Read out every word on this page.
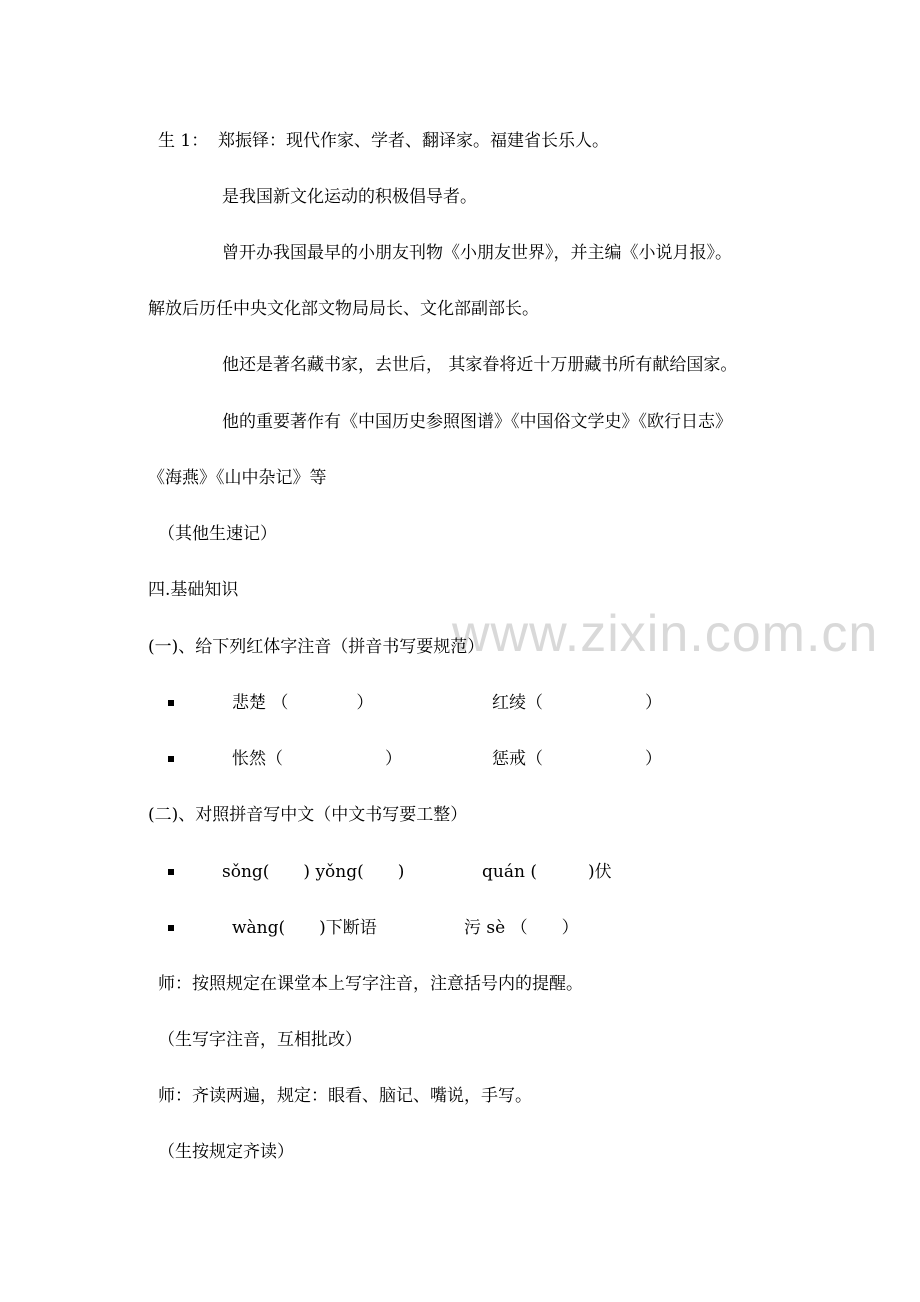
www.zixin.com.cn
生 1： 郑振铎：现代作家、学者、翻译家。福建省长乐人。
是我国新文化运动的积极倡导者。
曾开办我国最早的小朋友刊物《小朋友世界》，并主编《小说月报》。
解放后历任中央文化部文物局局长、文化部副部长。
他还是著名藏书家，去世后， 其家眷将近十万册藏书所有献给国家。
他的重要著作有《中国历史参照图谱》《中国俗文学史》《欧行日志》
《海燕》《山中杂记》等
（其他生速记）
四.基础知识
(一)、给下列红体字注音（拼音书写要规范）
悲楚 （　　　　）	红绫（　　　　　　）
怅然（　　　　　　）	惩戒（　　　　　　）
(二)、对照拼音写中文（中文书写要工整）
sǒng(　　) yǒng(　　)	quán (　　　)伏
wàng(　　)下断语	污 sè （　　）
师：按照规定在课堂本上写字注音，注意括号内的提醒。
（生写字注音，互相批改）
师：齐读两遍，规定：眼看、脑记、嘴说，手写。
（生按规定齐读）
